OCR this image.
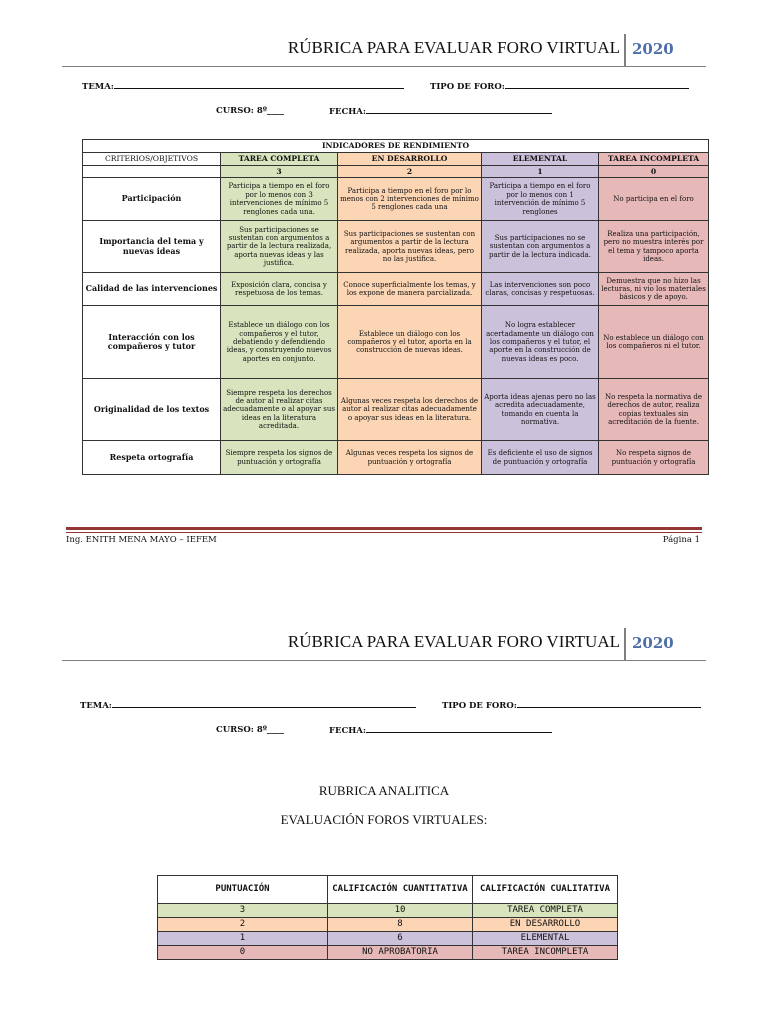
RÚBRICA PARA EVALUAR FORO VIRTUAL 2020
TEMA:	TIPO DE FORO:
CURSO: 8º____	FECHA:
INDICADORES DE RENDIMIENTO				
CRITERIOS/OBJETIVOS	TAREA COMPLETA	EN DESARROLLO	ELEMENTAL	TAREA INCOMPLETA
	3	2	1	0
Participación	Participa a tiempo en el foro por lo menos con 3 intervenciones de mínimo 5 renglones cada una.	Participa a tiempo en el foro por lo menos con 2 intervenciones de mínimo 5 renglones cada una	Participa a tiempo en el foro por lo menos con 1 intervención de mínimo 5 renglones	No participa en el foro
Importancia del tema y nuevas ideas	Sus participaciones se sustentan con argumentos a partir de la lectura realizada, aporta nuevas ideas y las justifica.	Sus participaciones se sustentan con argumentos a partir de la lectura realizada, aporta nuevas ideas, pero no las justifica.	Sus participaciones no se sustentan con argumentos a partir de la lectura indicada.	Realiza una participación, pero no muestra interés por el tema y tampoco aporta ideas.
Calidad de las intervenciones	Exposición clara, concisa y respetuosa de los temas.	Conoce superficialmente los temas, y los expone de manera parcializada.	Las intervenciones son poco claras, concisas y respetuosas.	Demuestra que no hizo las lecturas, ni vio los materiales básicos y de apoyo.
Interacción con los compañeros y tutor	Establece un diálogo con los compañeros y el tutor, debatiendo y defendiendo ideas, y construyendo nuevos aportes en conjunto.	Establece un diálogo con los compañeros y el tutor, aporta en la construcción de nuevas ideas.	No logra establecer acertadamente un diálogo con los compañeros y el tutor, el aporte en la construcción de nuevas ideas es poco.	No establece un diálogo con los compañeros ni el tutor.
Originalidad de los textos	Siempre respeta los derechos de autor al realizar citas adecuadamente o al apoyar sus ideas en la literatura acreditada.	Algunas veces respeta los derechos de autor al realizar citas adecuadamente o apoyar sus ideas en la literatura.	Aporta ideas ajenas pero no las acredita adecuadamente, tomando en cuenta la normativa.	No respeta la normativa de derechos de autor, realiza copias textuales sin acreditación de la fuente.
Respeta ortografía	Siempre respeta los signos de puntuación y ortografía	Algunas veces respeta los signos de puntuación y ortografía	Es deficiente el uso de signos de puntuación y ortografía	No respeta signos de puntuación y ortografía
Ing. ENITH MENA MAYO – IEFEM	Página 1
RÚBRICA PARA EVALUAR FORO VIRTUAL 2020
TEMA:	TIPO DE FORO:
CURSO: 8º____	FECHA:
RUBRICA ANALITICA
EVALUACIÓN FOROS VIRTUALES:
PUNTUACIÓN	CALIFICACIÓN CUANTITATIVA	CALIFICACIÓN CUALITATIVA
3	10	TAREA COMPLETA
2	8	EN DESARROLLO
1	6	ELEMENTAL
0	NO APROBATORIA	TAREA INCOMPLETA
